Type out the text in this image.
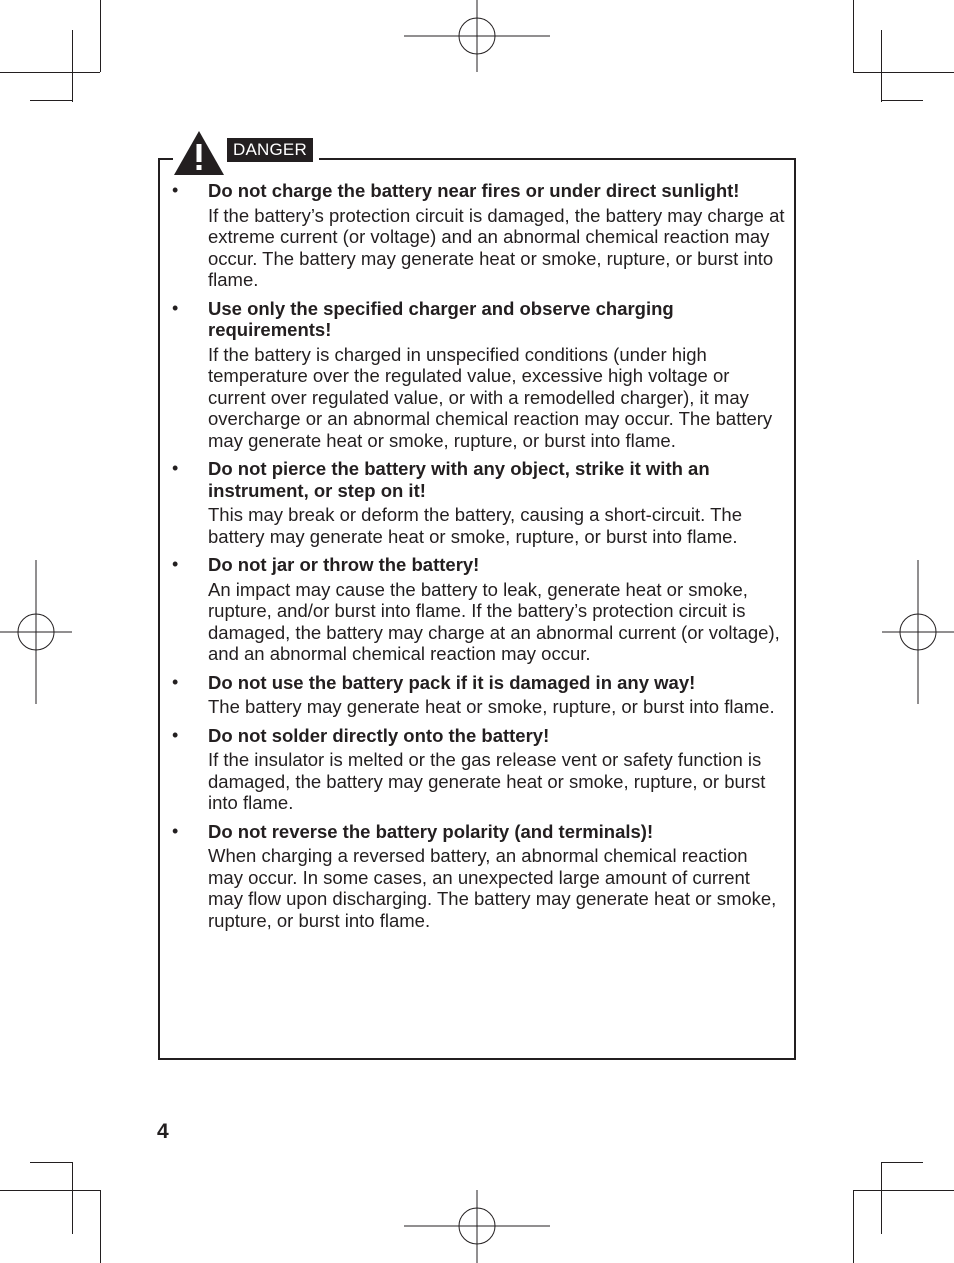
DANGER
• Do not charge the battery near fires or under direct sunlight!
If the battery’s protection circuit is damaged, the battery may charge at extreme current (or voltage) and an abnormal chemical reaction may occur. The battery may generate heat or smoke, rupture, or burst into flame.
• Use only the specified charger and observe charging requirements!
If the battery is charged in unspecified conditions (under high temperature over the regulated value, excessive high voltage or current over regulated value, or with a remodelled charger), it may overcharge or an abnormal chemical reaction may occur. The battery may generate heat or smoke, rupture, or burst into flame.
• Do not pierce the battery with any object, strike it with an instrument, or step on it!
This may break or deform the battery, causing a short-circuit. The battery may generate heat or smoke, rupture, or burst into flame.
• Do not jar or throw the battery!
An impact may cause the battery to leak, generate heat or smoke, rupture, and/or burst into flame. If the battery’s protection circuit is damaged, the battery may charge at an abnormal current (or voltage), and an abnormal chemical reaction may occur.
• Do not use the battery pack if it is damaged in any way!
The battery may generate heat or smoke, rupture, or burst into flame.
• Do not solder directly onto the battery!
If the insulator is melted or the gas release vent or safety function is damaged, the battery may generate heat or smoke, rupture, or burst into flame.
• Do not reverse the battery polarity (and terminals)!
When charging a reversed battery, an abnormal chemical reaction may occur. In some cases, an unexpected large amount of current may flow upon discharging. The battery may generate heat or smoke, rupture, or burst into flame.
4
